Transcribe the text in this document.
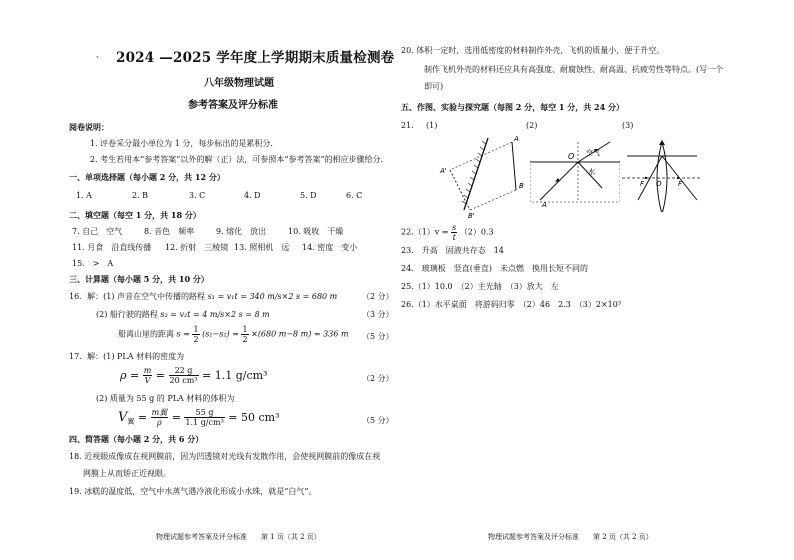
、 2024 —2025 学年度上学期期末质量检测卷
八年级物理试题
参考答案及评分标准
阅卷说明：
1. 评卷采分最小单位为 1 分，每步标出的是累积分.
2. 考生若用本“参考答案”以外的解（正）法，可参照本“参考答案”的相应步骤给分.
一、单项选择题（每小题 2 分，共 12 分）
1. A	2. B	3. C	4. D	5. D	6. C
二、填空题（每空 1 分，共 18 分）
7. 自己　空气	8. 音色　频率	9. 熔化　放出	10. 吸收　干燥
11. 月食　沿直线传播 12. 折射　三棱镜 13. 照相机　远 14. 密度　变小
15.　>　A
三、计算题（每小题 5 分，共 10 分）
16．解：(1) 声音在空气中传播的路程 s₁ = v₁t = 340 m/s×2 s = 680 m	（2 分）
(2) 船行驶的路程 s₂ = v₂t = 4 m/s×2 s = 8 m	（3 分）
船离山崖的距离 $s = \frac{1}{2} (s_1-s_2) = \frac{1}{2} \times(680$ m−8 m) = 336 m （5 分）
17．解：(1) PLA 材料的密度为
$\rho = \frac{m}{V} = \frac{22 g}{\text{20 cm³}} = 1.1$ g/cm³	（2 分）
(2) 质量为 55 g 的 PLA 材料的体积为
$V_翼 = \frac{\text{m翼}}{\rho} = \frac{55 g}{\text{1.1 g/cm³}} = 50$ cm³	（5 分）
四、简答题（每小题 2 分，共 6 分）
18. 近视眼成像成在视网膜前，因为凹透镜对光线有发散作用，会使视网膜前的像成在视
网膜上从而矫正近视眼。
19. 冰糕的温度低，空气中水蒸气遇冷液化形成小水珠，就是“白气”。
物理试题参考答案及评分标准　　第 1 页（共 2 页）
20. 体积一定时，选用低密度的材料制作外壳，飞机的质量小，便于升空。
制作飞机外壳的材料还应具有高强度、耐腐蚀性、耐高温、抗疲劳性等特点。(写一个
即可)
五、作图、实验与探究题（每图 2 分，每空 1 分，共 24 分）
21. (1)	(2)	(3)
A
B
B'
A'
O 空气
水
A
F O F
$22.(1)v = \frac{s}{t} (2)0.3$
23.　升高　固液共存态　14
24.　玻璃板　竖直(垂直)　未点燃　换用长短不同的
25.（1）10.0　（2）主光轴　（3）放大　左
26.（1）水平桌面　将游码归零　（2）46　2.3　（3）2×10³
物理试题参考答案及评分标准　　第 2 页（共 2 页）
